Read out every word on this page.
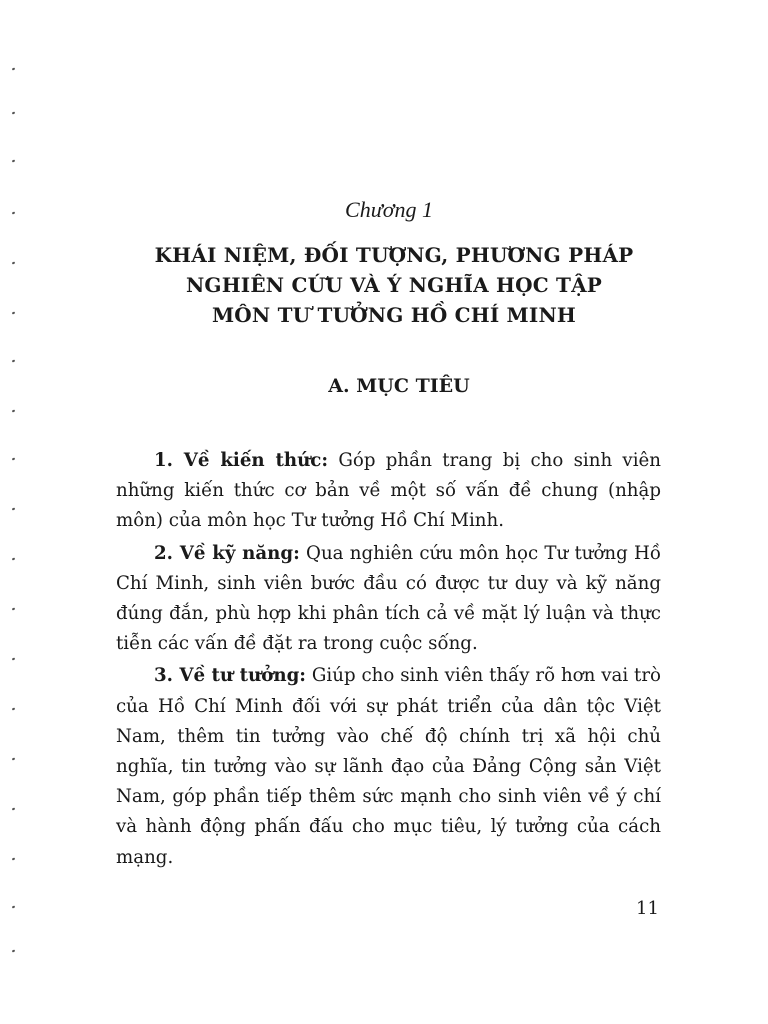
Chương 1
KHÁI NIỆM, ĐỐI TƯỢNG, PHƯƠNG PHÁP
NGHIÊN CỨU VÀ Ý NGHĨA HỌC TẬP
MÔN TƯ TƯỞNG HỒ CHÍ MINH
A. MỤC TIÊU

1. Về kiến thức: Góp phần trang bị cho sinh viên những kiến thức cơ bản về một số vấn đề chung (nhập môn) của môn học Tư tưởng Hồ Chí Minh.

2. Về kỹ năng: Qua nghiên cứu môn học Tư tưởng Hồ Chí Minh, sinh viên bước đầu có được tư duy và kỹ năng đúng đắn, phù hợp khi phân tích cả về mặt lý luận và thực tiễn các vấn đề đặt ra trong cuộc sống.

3. Về tư tưởng: Giúp cho sinh viên thấy rõ hơn vai trò của Hồ Chí Minh đối với sự phát triển của dân tộc Việt Nam, thêm tin tưởng vào chế độ chính trị xã hội chủ nghĩa, tin tưởng vào sự lãnh đạo của Đảng Cộng sản Việt Nam, góp phần tiếp thêm sức mạnh cho sinh viên về ý chí và hành động phấn đấu cho mục tiêu, lý tưởng của cách mạng.

11
